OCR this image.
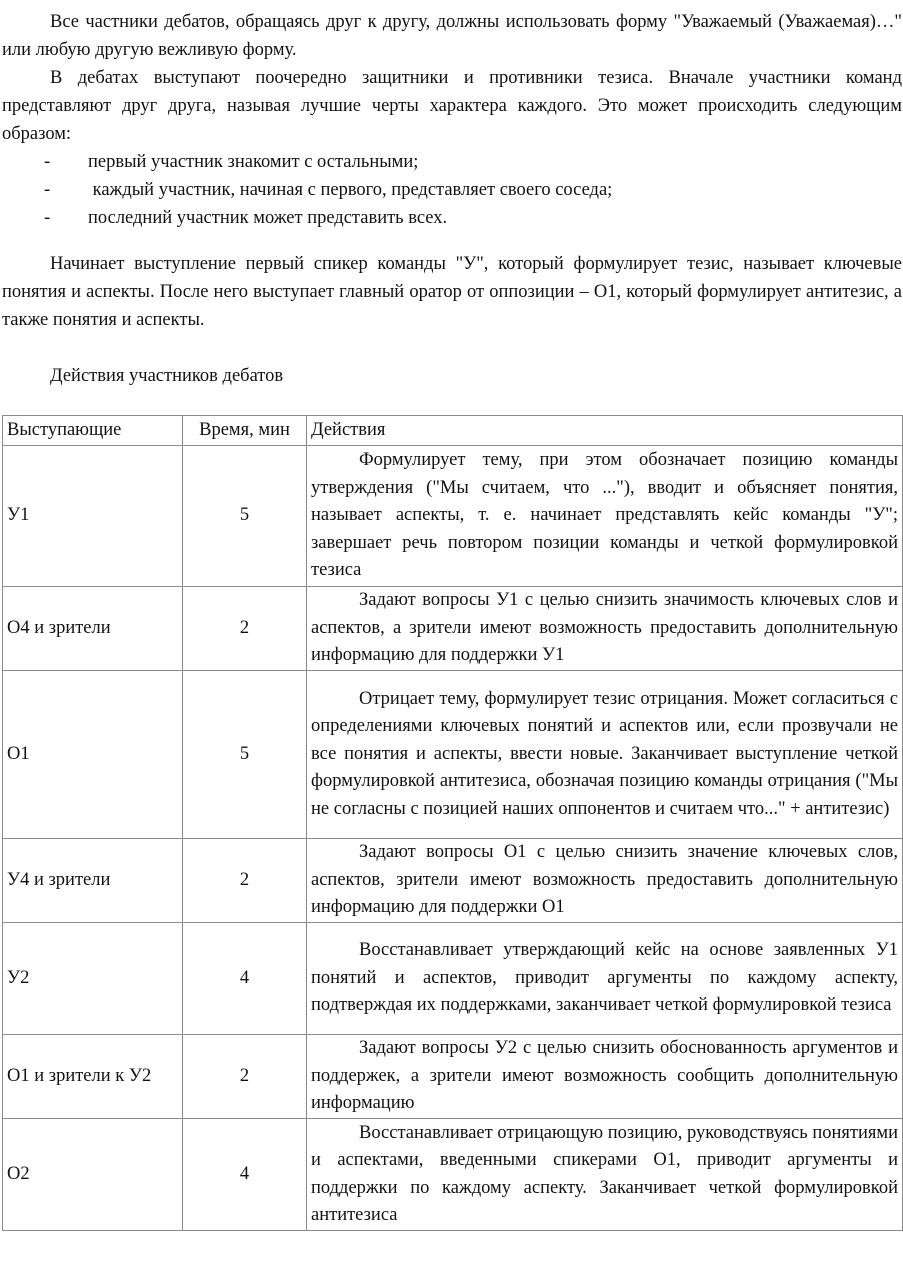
Все частники дебатов, обращаясь друг к другу, должны использовать форму "Уважаемый (Уважаемая)…" или любую другую вежливую форму.

В дебатах выступают поочередно защитники и противники тезиса. Вначале участники команд представляют друг друга, называя лучшие черты характера каждого. Это может происходить следующим образом:

- первый участник знакомит с остальными;
- каждый участник, начиная с первого, представляет своего соседа;
- последний участник может представить всех.

Начинает выступление первый спикер команды "У", который формулирует тезис, называет ключевые понятия и аспекты. После него выступает главный оратор от оппозиции – О1, который формулирует антитезис, а также понятия и аспекты.

Действия участников дебатов
Выступающие	Время, мин	Действия
У1	5	Формулирует тему, при этом обозначает позицию команды утверждения ("Мы считаем, что ..."), вводит и объясняет понятия, называет аспекты, т. е. начинает представлять кейс команды "У"; завершает речь повтором позиции команды и четкой формулировкой тезиса
О4 и зрители	2	Задают вопросы У1 с целью снизить значимость ключевых слов и аспектов, а зрители имеют возможность предоставить дополнительную информацию для поддержки У1
О1	5	Отрицает тему, формулирует тезис отрицания. Может согласиться с определениями ключевых понятий и аспектов или, если прозвучали не все понятия и аспекты, ввести новые. Заканчивает выступление четкой формулировкой антитезиса, обозначая позицию команды отрицания ("Мы не согласны с позицией наших оппонентов и считаем что..." + антитезис)
У4 и зрители	2	Задают вопросы О1 с целью снизить значение ключевых слов, аспектов, зрители имеют возможность предоставить дополнительную информацию для поддержки О1
У2	4	Восстанавливает утверждающий кейс на основе заявленных У1 понятий и аспектов, приводит аргументы по каждому аспекту, подтверждая их поддержками, заканчивает четкой формулировкой тезиса
О1 и зрители к У2	2	Задают вопросы У2 с целью снизить обоснованность аргументов и поддержек, а зрители имеют возможность сообщить дополнительную информацию
О2	4	Восстанавливает отрицающую позицию, руководствуясь понятиями и аспектами, введенными спикерами О1, приводит аргументы и поддержки по каждому аспекту. Заканчивает четкой формулировкой антитезиса
